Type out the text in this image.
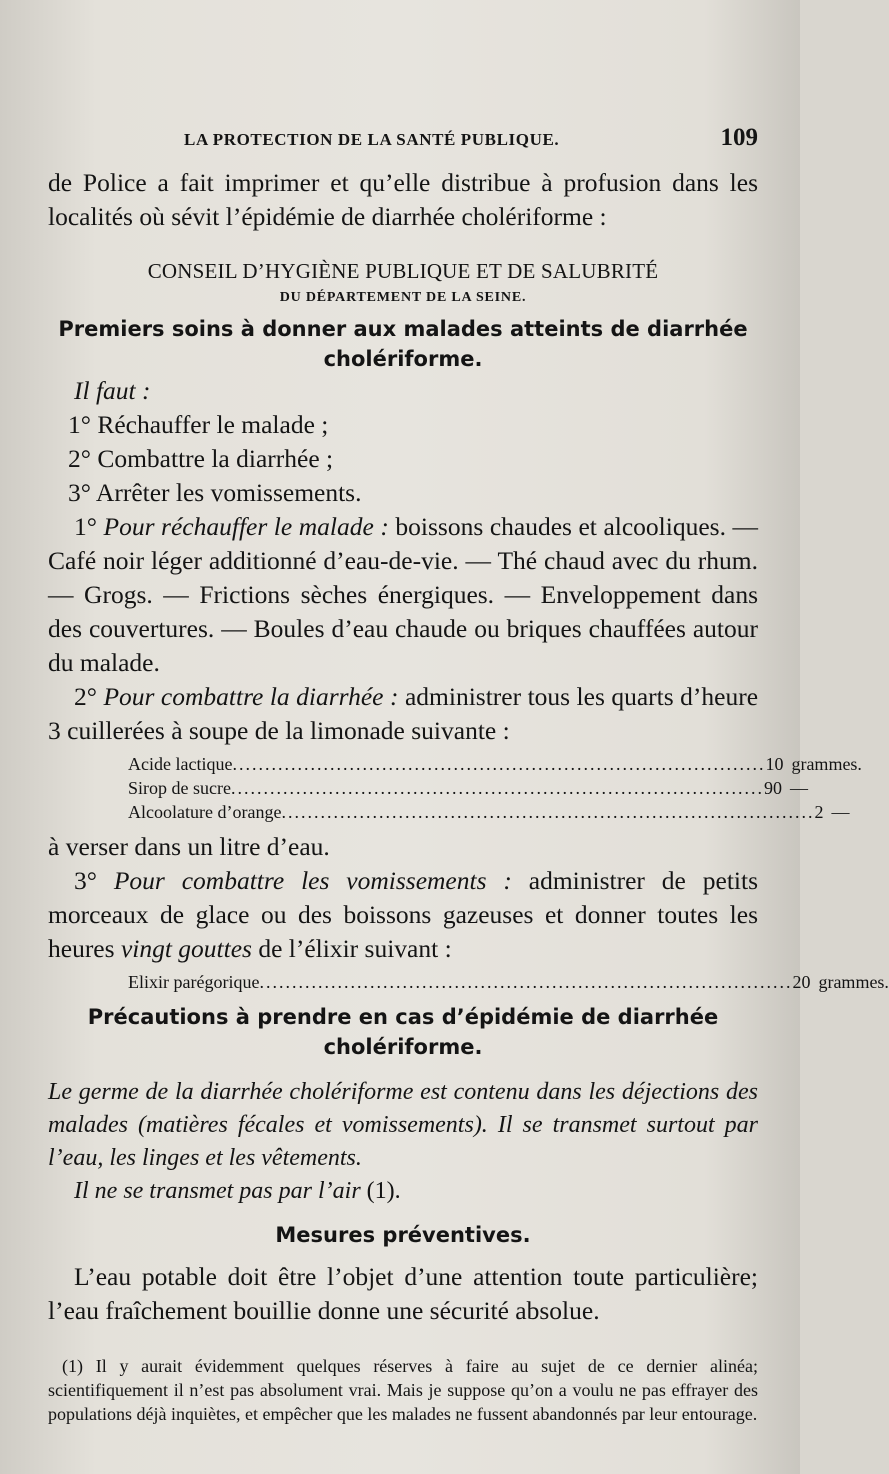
LA PROTECTION DE LA SANTÉ PUBLIQUE.	109

de Police a fait imprimer et qu’elle distribue à profusion dans les localités où sévit l’épidémie de diarrhée cholériforme :

CONSEIL D’HYGIÈNE PUBLIQUE ET DE SALUBRITÉ

DU DÉPARTEMENT DE LA SEINE.

Premiers soins à donner aux malades atteints de diarrhée cholériforme.

Il faut :

1° Réchauffer le malade ;

2° Combattre la diarrhée ;

3° Arrêter les vomissements.

1° Pour réchauffer le malade : boissons chaudes et alcooliques. — Café noir léger additionné d’eau-de-vie. — Thé chaud avec du rhum. — Grogs. — Frictions sèches énergiques. — Enveloppement dans des couvertures. — Boules d’eau chaude ou briques chauffées autour du malade.

2° Pour combattre la diarrhée : administrer tous les quarts d’heure 3 cuillerées à soupe de la limonade suivante :

Acide lactique .................................................................................. 10 grammes.
Sirop de sucre .................................................................................. 90 —
Alcoolature d’orange .................................................................................. 2 —

à verser dans un litre d’eau.

3° Pour combattre les vomissements : administrer de petits morceaux de glace ou des boissons gazeuses et donner toutes les heures vingt gouttes de l’élixir suivant :

Elixir parégorique .................................................................................. 20 grammes.

Précautions à prendre en cas d’épidémie de diarrhée cholériforme.

Le germe de la diarrhée cholériforme est contenu dans les déjections des malades (matières fécales et vomissements). Il se transmet surtout par l’eau, les linges et les vêtements.

Il ne se transmet pas par l’air (1).

Mesures préventives.

L’eau potable doit être l’objet d’une attention toute particulière; l’eau fraîchement bouillie donne une sécurité absolue.

(1) Il y aurait évidemment quelques réserves à faire au sujet de ce dernier alinéa; scientifiquement il n’est pas absolument vrai. Mais je suppose qu’on a voulu ne pas effrayer des populations déjà inquiètes, et empêcher que les malades ne fussent abandonnés par leur entourage.
